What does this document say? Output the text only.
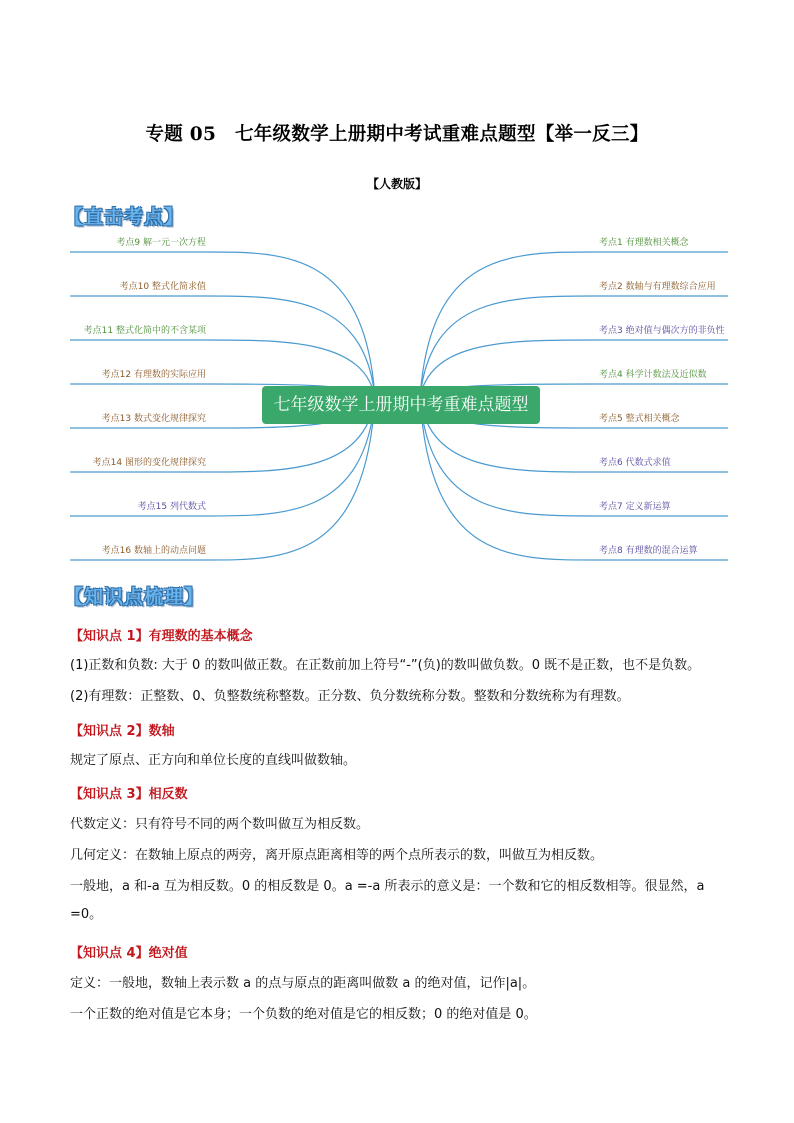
专题 05　七年级数学上册期中考试重难点题型【举一反三】
【人教版】
【直击考点】
七年级数学上册期中考重难点题型
考点9 解一元一次方程
考点10 整式化简求值
考点11 整式化简中的不含某项
考点12 有理数的实际应用
考点13 数式变化规律探究
考点14 图形的变化规律探究
考点15 列代数式
考点16 数轴上的动点问题
考点1 有理数相关概念
考点2 数轴与有理数综合应用
考点3 绝对值与偶次方的非负性
考点4 科学计数法及近似数
考点5 整式相关概念
考点6 代数式求值
考点7 定义新运算
考点8 有理数的混合运算
【知识点梳理】
【知识点 1】有理数的基本概念
(1)正数和负数: 大于 0 的数叫做正数。在正数前加上符号“-”(负)的数叫做负数。0 既不是正数，也不是负数。
(2)有理数：正整数、0、负整数统称整数。正分数、负分数统称分数。整数和分数统称为有理数。
【知识点 2】数轴
规定了原点、正方向和单位长度的直线叫做数轴。
【知识点 3】相反数
代数定义：只有符号不同的两个数叫做互为相反数。
几何定义：在数轴上原点的两旁，离开原点距离相等的两个点所表示的数，叫做互为相反数。
一般地，a 和-a 互为相反数。0 的相反数是 0。a =-a 所表示的意义是：一个数和它的相反数相等。很显然，a =0。
【知识点 4】绝对值
定义：一般地，数轴上表示数 a 的点与原点的距离叫做数 a 的绝对值，记作|a|。
一个正数的绝对值是它本身；一个负数的绝对值是它的相反数；0 的绝对值是 0。
